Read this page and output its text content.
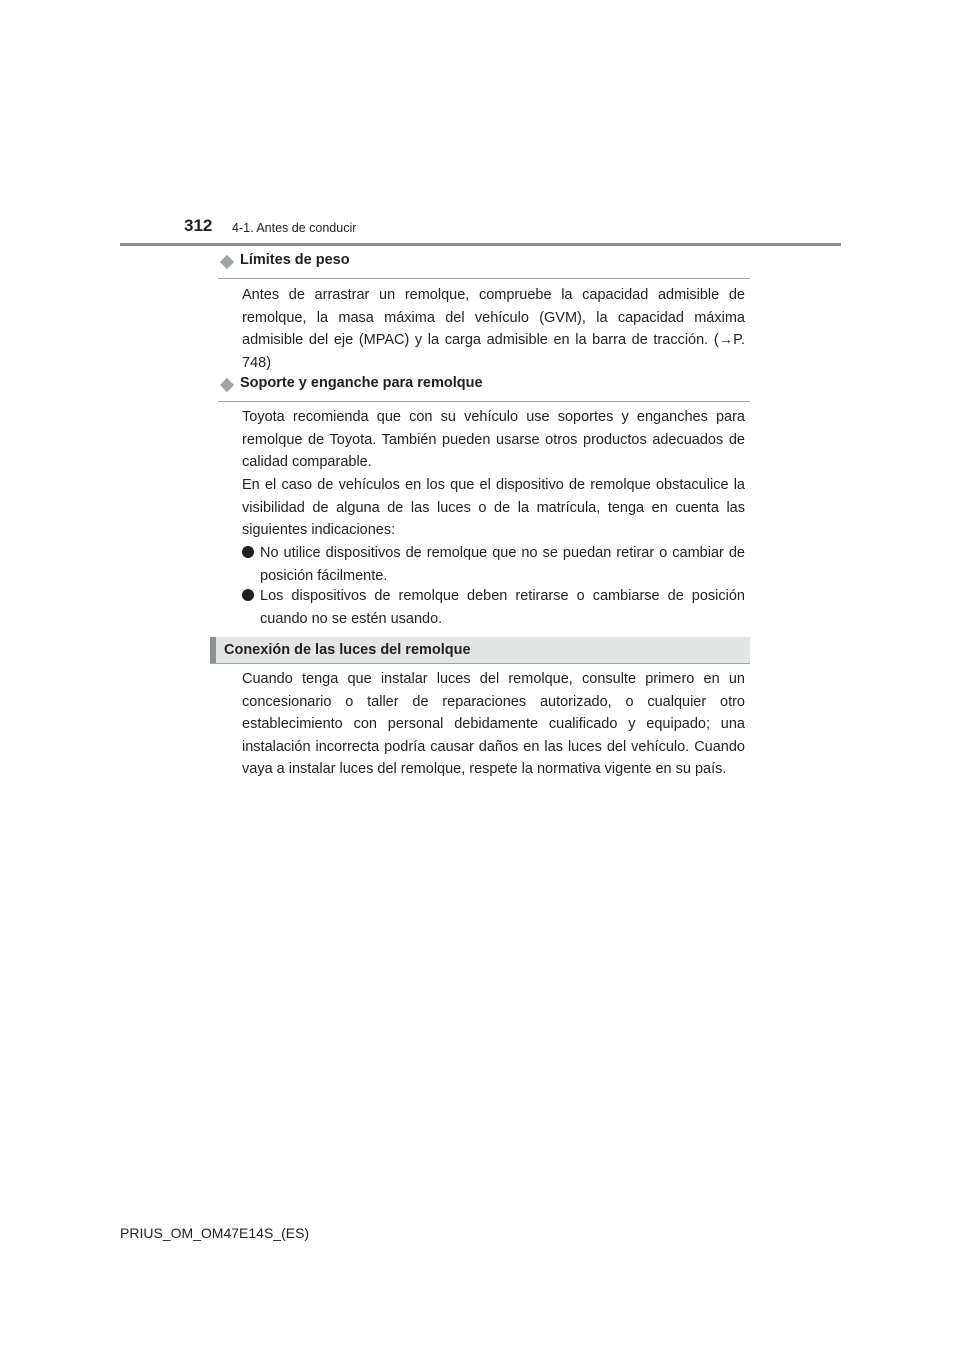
312 4-1. Antes de conducir
Límites de peso

Antes de arrastrar un remolque, compruebe la capacidad admisible de remolque, la masa máxima del vehículo (GVM), la capacidad máxima admisible del eje (MPAC) y la carga admisible en la barra de tracción. (→P. 748)

Soporte y enganche para remolque

Toyota recomienda que con su vehículo use soportes y enganches para remolque de Toyota. También pueden usarse otros productos adecuados de calidad comparable.

En el caso de vehículos en los que el dispositivo de remolque obstaculice la visibilidad de alguna de las luces o de la matrícula, tenga en cuenta las siguientes indicaciones:

No utilice dispositivos de remolque que no se puedan retirar o cambiar de posición fácilmente.

Los dispositivos de remolque deben retirarse o cambiarse de posición cuando no se estén usando.

Conexión de las luces del remolque

Cuando tenga que instalar luces del remolque, consulte primero en un concesionario o taller de reparaciones autorizado, o cualquier otro establecimiento con personal debidamente cualificado y equipado; una instalación incorrecta podría causar daños en las luces del vehículo. Cuando vaya a instalar luces del remolque, respete la normativa vigente en su país.

PRIUS_OM_OM47E14S_(ES)
